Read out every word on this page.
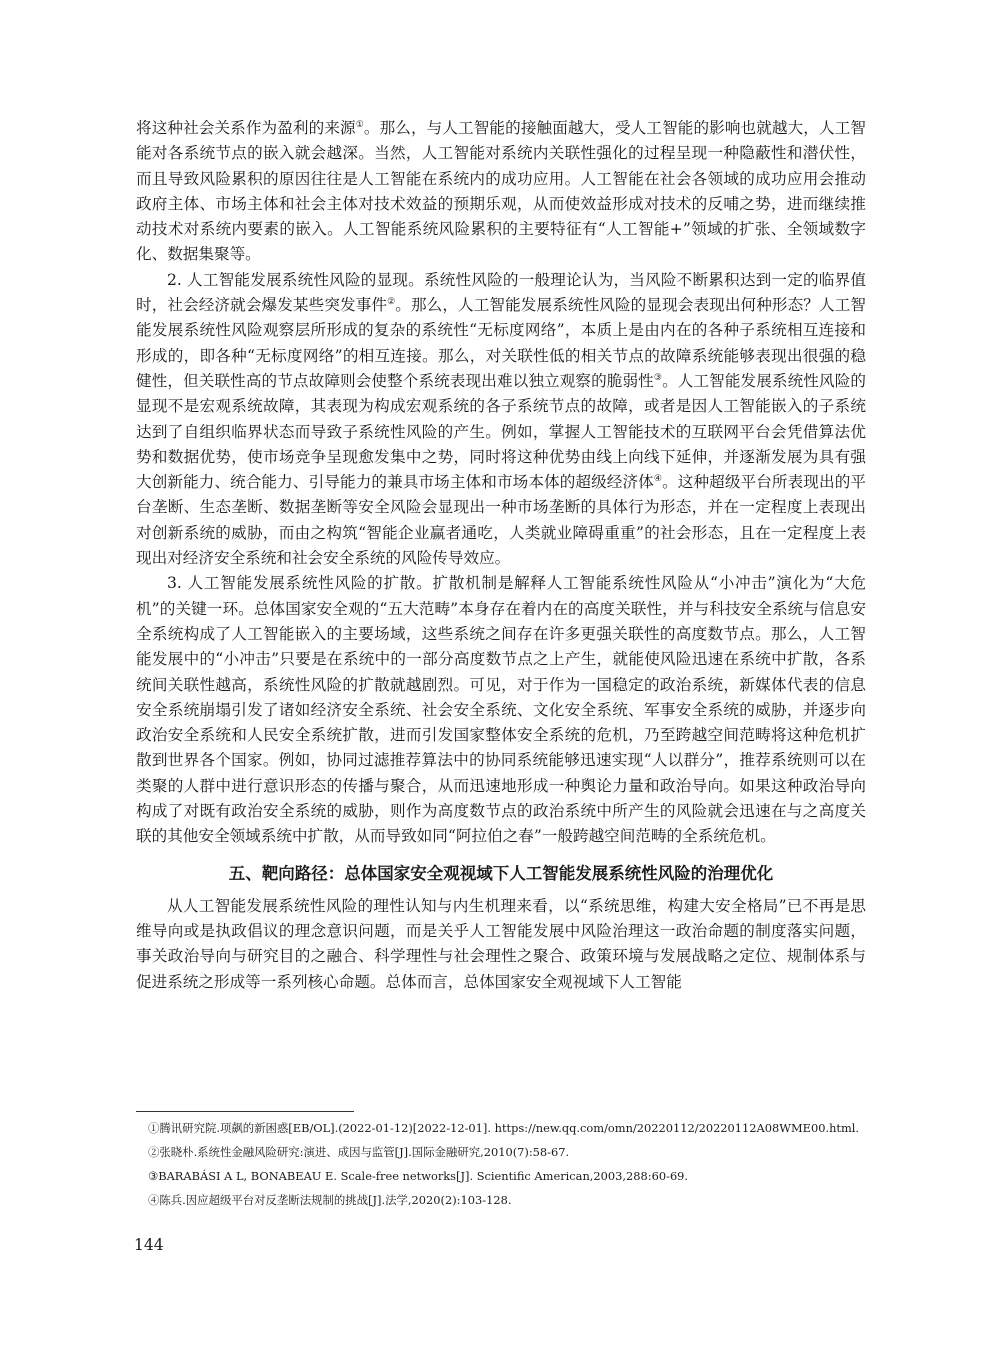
将这种社会关系作为盈利的来源①。那么，与人工智能的接触面越大，受人工智能的影响也就越大，人工智能对各系统节点的嵌入就会越深。当然，人工智能对系统内关联性强化的过程呈现一种隐蔽性和潜伏性，而且导致风险累积的原因往往是人工智能在系统内的成功应用。人工智能在社会各领域的成功应用会推动政府主体、市场主体和社会主体对技术效益的预期乐观，从而使效益形成对技术的反哺之势，进而继续推动技术对系统内要素的嵌入。人工智能系统风险累积的主要特征有“人工智能+”领域的扩张、全领域数字化、数据集聚等。

2. 人工智能发展系统性风险的显现。系统性风险的一般理论认为，当风险不断累积达到一定的临界值时，社会经济就会爆发某些突发事件②。那么，人工智能发展系统性风险的显现会表现出何种形态？人工智能发展系统性风险观察层所形成的复杂的系统性“无标度网络”，本质上是由内在的各种子系统相互连接和形成的，即各种“无标度网络”的相互连接。那么，对关联性低的相关节点的故障系统能够表现出很强的稳健性，但关联性高的节点故障则会使整个系统表现出难以独立观察的脆弱性③。人工智能发展系统性风险的显现不是宏观系统故障，其表现为构成宏观系统的各子系统节点的故障，或者是因人工智能嵌入的子系统达到了自组织临界状态而导致子系统性风险的产生。例如，掌握人工智能技术的互联网平台会凭借算法优势和数据优势，使市场竞争呈现愈发集中之势，同时将这种优势由线上向线下延伸，并逐渐发展为具有强大创新能力、统合能力、引导能力的兼具市场主体和市场本体的超级经济体④。这种超级平台所表现出的平台垄断、生态垄断、数据垄断等安全风险会显现出一种市场垄断的具体行为形态，并在一定程度上表现出对创新系统的威胁，而由之构筑“智能企业赢者通吃，人类就业障碍重重”的社会形态，且在一定程度上表现出对经济安全系统和社会安全系统的风险传导效应。

3. 人工智能发展系统性风险的扩散。扩散机制是解释人工智能系统性风险从“小冲击”演化为“大危机”的关键一环。总体国家安全观的“五大范畴”本身存在着内在的高度关联性，并与科技安全系统与信息安全系统构成了人工智能嵌入的主要场域，这些系统之间存在许多更强关联性的高度数节点。那么，人工智能发展中的“小冲击”只要是在系统中的一部分高度数节点之上产生，就能使风险迅速在系统中扩散，各系统间关联性越高，系统性风险的扩散就越剧烈。可见，对于作为一国稳定的政治系统，新媒体代表的信息安全系统崩塌引发了诸如经济安全系统、社会安全系统、文化安全系统、军事安全系统的威胁，并逐步向政治安全系统和人民安全系统扩散，进而引发国家整体安全系统的危机，乃至跨越空间范畴将这种危机扩散到世界各个国家。例如，协同过滤推荐算法中的协同系统能够迅速实现“人以群分”，推荐系统则可以在类聚的人群中进行意识形态的传播与聚合，从而迅速地形成一种舆论力量和政治导向。如果这种政治导向构成了对既有政治安全系统的威胁，则作为高度数节点的政治系统中所产生的风险就会迅速在与之高度关联的其他安全领域系统中扩散，从而导致如同“阿拉伯之春”一般跨越空间范畴的全系统危机。

五、靶向路径：总体国家安全观视域下人工智能发展系统性风险的治理优化

从人工智能发展系统性风险的理性认知与内生机理来看，以“系统思维，构建大安全格局”已不再是思维导向或是执政倡议的理念意识问题，而是关乎人工智能发展中风险治理这一政治命题的制度落实问题，事关政治导向与研究目的之融合、科学理性与社会理性之聚合、政策环境与发展战略之定位、规制体系与促进系统之形成等一系列核心命题。总体而言，总体国家安全观视域下人工智能

①腾讯研究院.项飙的新困惑[EB/OL].(2022-01-12)[2022-12-01]. https://new.qq.com/omn/20220112/20220112A08WME00.html.

②张晓朴.系统性金融风险研究:演进、成因与监管[J].国际金融研究,2010(7):58-67.

③BARABÁSI A L, BONABEAU E. Scale-free networks[J]. Scientific American,2003,288:60-69.

④陈兵.因应超级平台对反垄断法规制的挑战[J].法学,2020(2):103-128.

144
